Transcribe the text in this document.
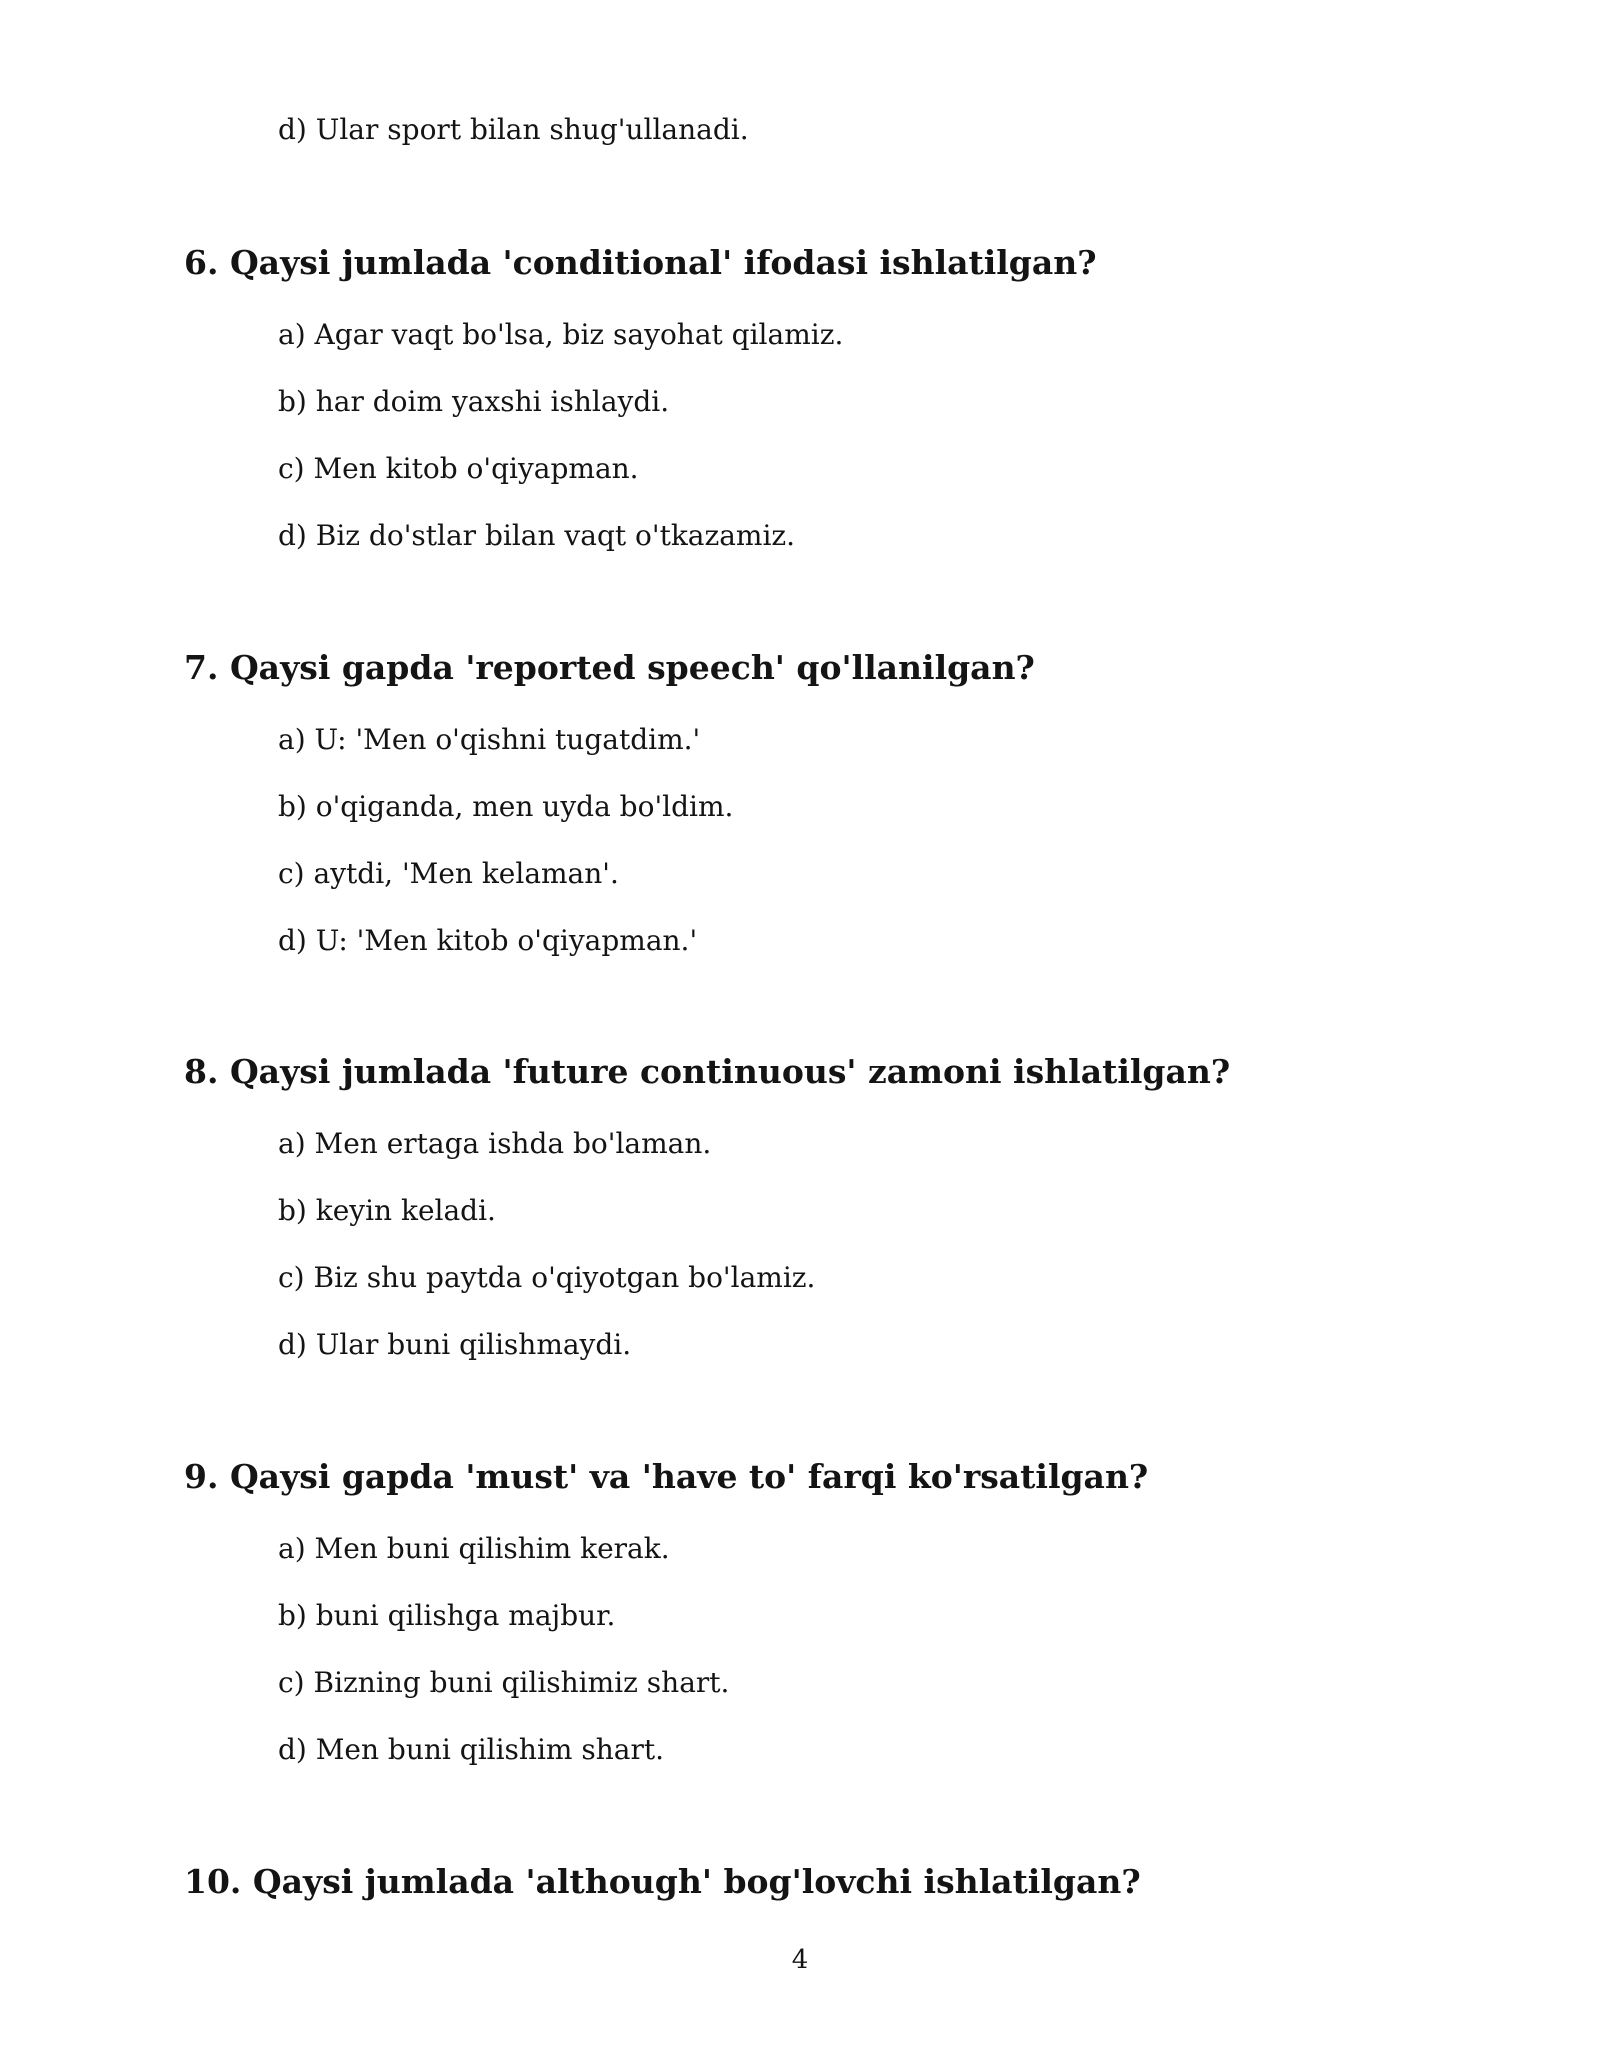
d) Ular sport bilan shug'ullanadi.
6. Qaysi jumlada 'conditional' ifodasi ishlatilgan?
a) Agar vaqt bo'lsa, biz sayohat qilamiz.
b) har doim yaxshi ishlaydi.
c) Men kitob o'qiyapman.
d) Biz do'stlar bilan vaqt o'tkazamiz.
7. Qaysi gapda 'reported speech' qo'llanilgan?
a) U: 'Men o'qishni tugatdim.'
b) o'qiganda, men uyda bo'ldim.
c) aytdi, 'Men kelaman'.
d) U: 'Men kitob o'qiyapman.'
8. Qaysi jumlada 'future continuous' zamoni ishlatilgan?
a) Men ertaga ishda bo'laman.
b) keyin keladi.
c) Biz shu paytda o'qiyotgan bo'lamiz.
d) Ular buni qilishmaydi.
9. Qaysi gapda 'must' va 'have to' farqi ko'rsatilgan?
a) Men buni qilishim kerak.
b) buni qilishga majbur.
c) Bizning buni qilishimiz shart.
d) Men buni qilishim shart.
10. Qaysi jumlada 'although' bog'lovchi ishlatilgan?
4
